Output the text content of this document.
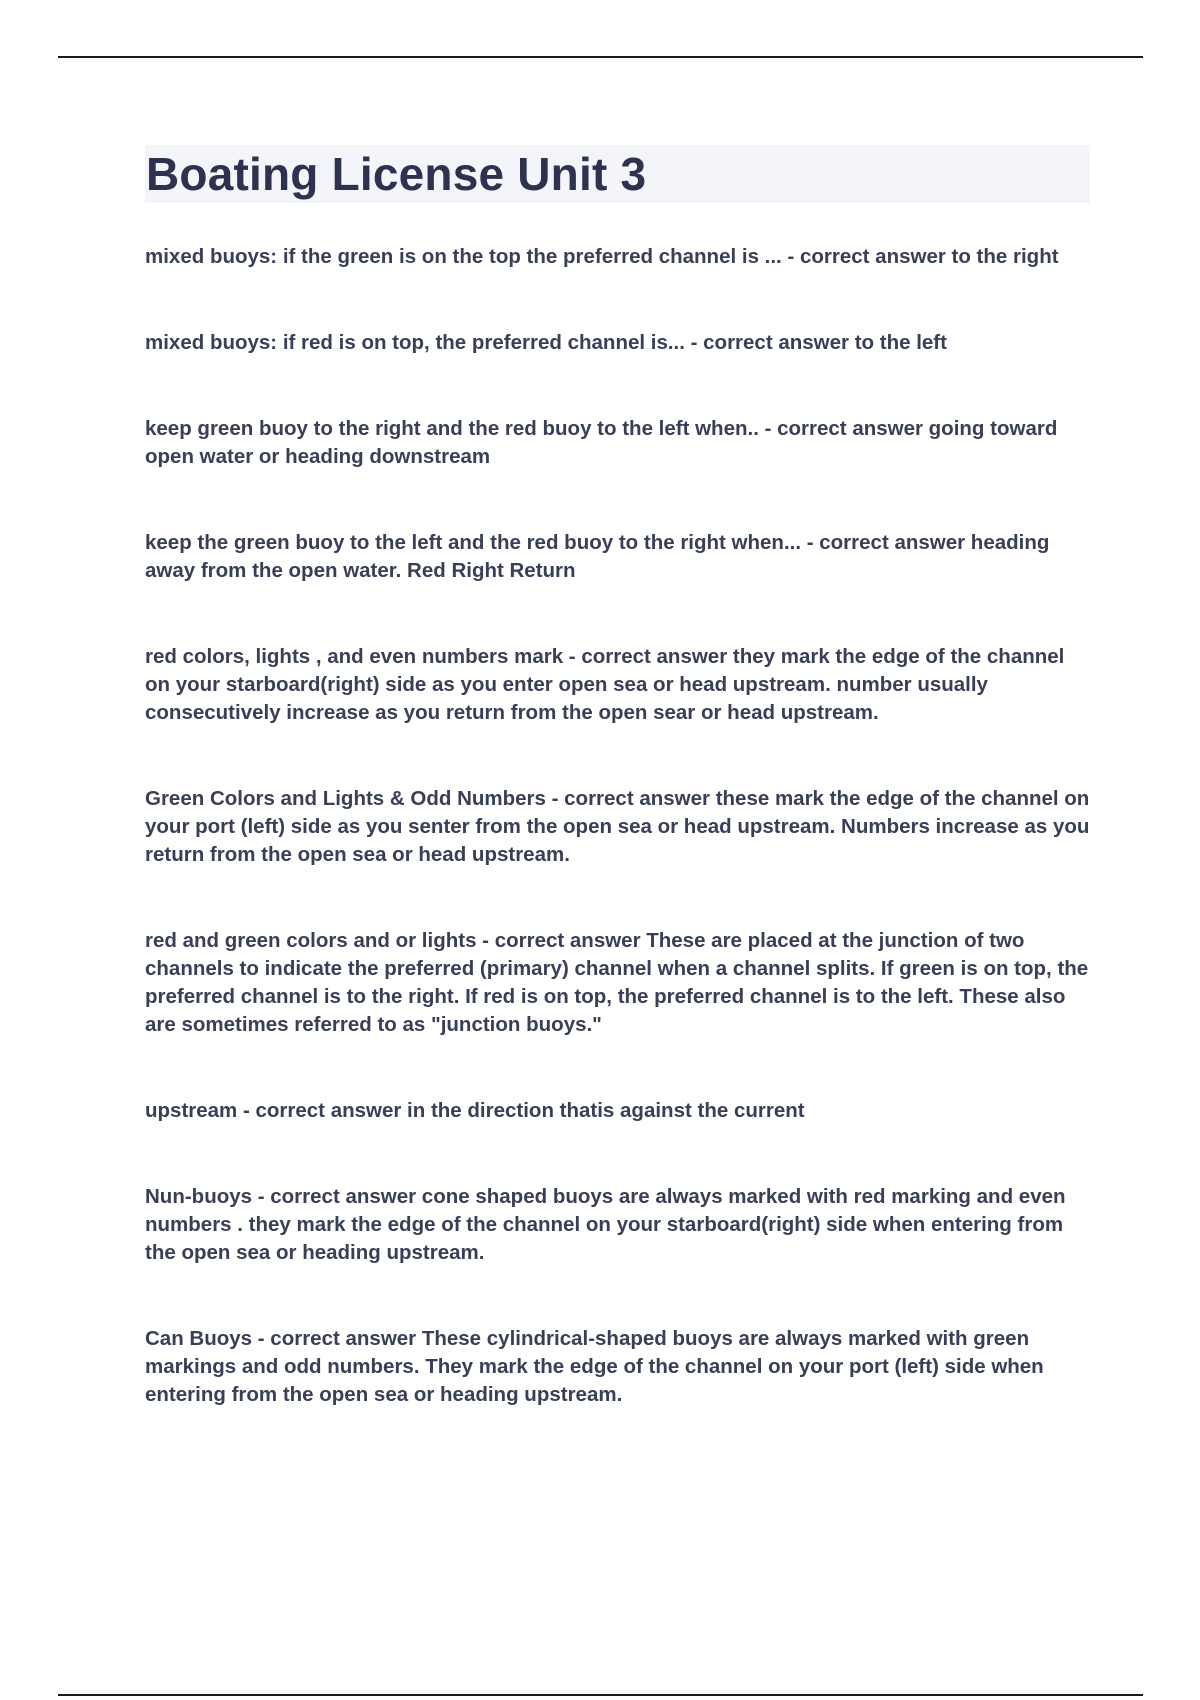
Boating License Unit 3

mixed buoys: if the green is on the top the preferred channel is ... - correct answer to the right

mixed buoys: if red is on top, the preferred channel is... - correct answer to the left

keep green buoy to the right and the red buoy to the left when.. - correct answer going toward open water or heading downstream

keep the green buoy to the left and the red buoy to the right when... - correct answer heading away from the open water. Red Right Return

red colors, lights , and even numbers mark - correct answer they mark the edge of the channel on your starboard(right) side as you enter open sea or head upstream. number usually consecutively increase as you return from the open sear or head upstream.

Green Colors and Lights & Odd Numbers - correct answer these mark the edge of the channel on your port (left) side as you senter from the open sea or head upstream. Numbers increase as you return from the open sea or head upstream.

red and green colors and or lights - correct answer These are placed at the junction of two channels to indicate the preferred (primary) channel when a channel splits. If green is on top, the preferred channel is to the right. If red is on top, the preferred channel is to the left. These also are sometimes referred to as "junction buoys."

upstream - correct answer in the direction thatis against the current

Nun-buoys - correct answer cone shaped buoys are always marked with red marking and even numbers . they mark the edge of the channel on your starboard(right) side when entering from the open sea or heading upstream.

Can Buoys - correct answer These cylindrical-shaped buoys are always marked with green markings and odd numbers. They mark the edge of the channel on your port (left) side when entering from the open sea or heading upstream.
